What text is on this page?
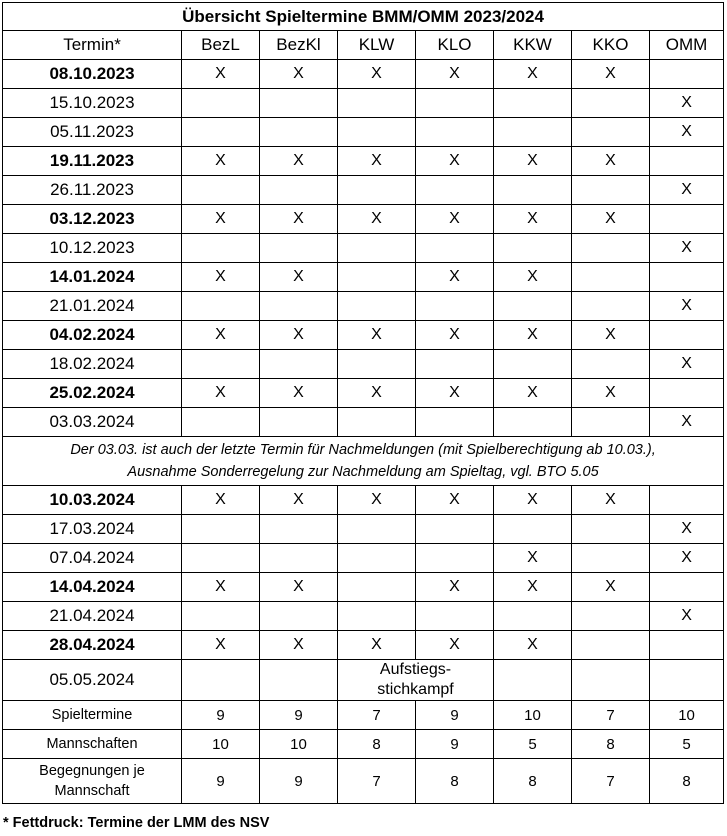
Übersicht Spieltermine BMM/OMM 2023/2024							
Termin*	BezL	BezKl	KLW	KLO	KKW	KKO	OMM
08.10.2023	X	X	X	X	X	X	
15.10.2023							X
05.11.2023							X
19.11.2023	X	X	X	X	X	X	
26.11.2023							X
03.12.2023	X	X	X	X	X	X	
10.12.2023							X
14.01.2024	X	X		X	X		
21.01.2024							X
04.02.2024	X	X	X	X	X	X	
18.02.2024							X
25.02.2024	X	X	X	X	X	X	
03.03.2024							X
Der 03.03. ist auch der letzte Termin für Nachmeldungen (mit Spielberechtigung ab 10.03.),
Ausnahme Sonderregelung zur Nachmeldung am Spieltag, vgl. BTO 5.05							
10.03.2024	X	X	X	X	X	X	
17.03.2024							X
07.04.2024					X		X
14.04.2024	X	X		X	X	X	
21.04.2024							X
28.04.2024	X	X	X	X	X		
05.05.2024			Aufstiegs-
stichkampf				
Spieltermine	9	9	7	9	10	7	10
Mannschaften	10	10	8	9	5	8	5
Begegnungen je
Mannschaft	9	9	7	8	8	7	8
* Fettdruck: Termine der LMM des NSV
